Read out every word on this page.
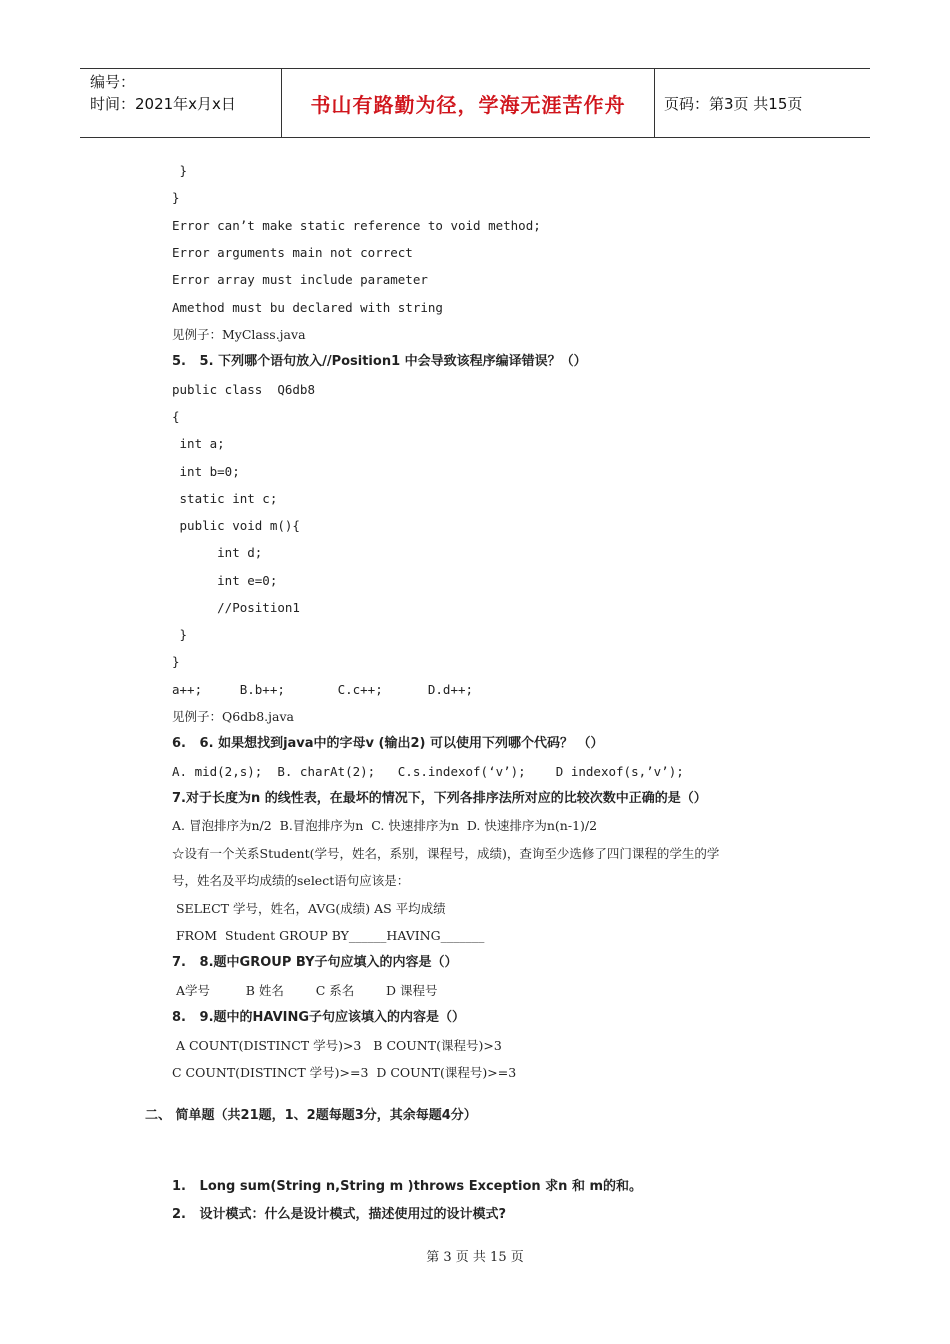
编号：
时间：2021年x月x日	书山有路勤为径，学海无涯苦作舟	页码：第3页 共15页
}
}
Error can’t make static reference to void method;
Error arguments main not correct
Error array must include parameter
Amethod must bu declared with string
见例子：MyClass.java
5.   5. 下列哪个语句放入//Position1 中会导致该程序编译错误？（）
public class  Q6db8
{
int a;
int b=0;
static int c;
public void m(){
int d;
int e=0;
//Position1
}
}
a++;     B.b++;       C.c++;      D.d++;
见例子：Q6db8.java
6.   6. 如果想找到java中的字母v (输出2) 可以使用下列哪个代码？ （）
A. mid(2,s);  B. charAt(2);   C.s.indexof(‘v’);    D indexof(s,’v’);
7.对于长度为n 的线性表，在最坏的情况下，下列各排序法所对应的比较次数中正确的是（）
A. 冒泡排序为n/2  B.冒泡排序为n  C. 快速排序为n  D. 快速排序为n(n-1)/2
☆设有一个关系Student(学号，姓名，系别，课程号，成绩)，查询至少选修了四门课程的学生的学
号，姓名及平均成绩的select语句应该是：
SELECT 学号，姓名，AVG(成绩) AS 平均成绩
FROM  Student GROUP BY______HAVING_______
7.   8.题中GROUP BY子句应填入的内容是（）
A学号         B 姓名        C 系名        D 课程号
8.   9.题中的HAVING子句应该填入的内容是（）
A COUNT(DISTINCT 学号)>3   B COUNT(课程号)>3
C COUNT(DISTINCT 学号)>=3  D COUNT(课程号)>=3
二、 简单题（共21题，1、2题每题3分，其余每题4分）
1.   Long sum(String n,String m )throws Exception 求n 和 m的和。
2.   设计模式：什么是设计模式，描述使用过的设计模式?
第 3 页 共 15 页
